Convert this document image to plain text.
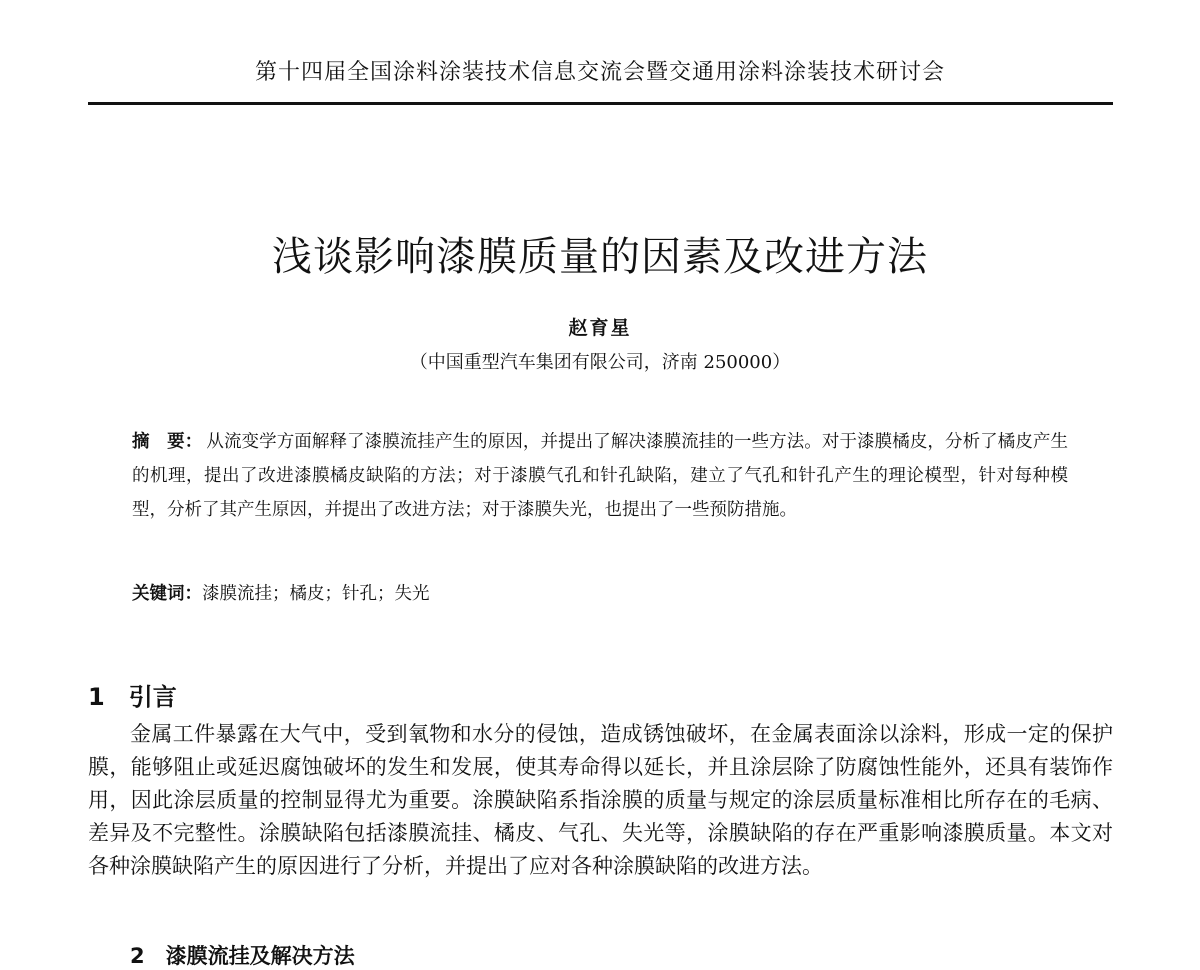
第十四届全国涂料涂装技术信息交流会暨交通用涂料涂装技术研讨会
浅谈影响漆膜质量的因素及改进方法
赵育星
（中国重型汽车集团有限公司，济南 250000）
摘　要： 从流变学方面解释了漆膜流挂产生的原因，并提出了解决漆膜流挂的一些方法。对于漆膜橘皮，分析了橘皮产生的机理，提出了改进漆膜橘皮缺陷的方法；对于漆膜气孔和针孔缺陷，建立了气孔和针孔产生的理论模型，针对每种模型，分析了其产生原因，并提出了改进方法；对于漆膜失光，也提出了一些预防措施。
关键词：漆膜流挂；橘皮；针孔；失光
1 引言
金属工件暴露在大气中，受到氧物和水分的侵蚀，造成锈蚀破坏，在金属表面涂以涂料，形成一定的保护膜，能够阻止或延迟腐蚀破坏的发生和发展，使其寿命得以延长，并且涂层除了防腐蚀性能外，还具有装饰作用，因此涂层质量的控制显得尤为重要。涂膜缺陷系指涂膜的质量与规定的涂层质量标准相比所存在的毛病、差异及不完整性。涂膜缺陷包括漆膜流挂、橘皮、气孔、失光等，涂膜缺陷的存在严重影响漆膜质量。本文对各种涂膜缺陷产生的原因进行了分析，并提出了应对各种涂膜缺陷的改进方法。
2　漆膜流挂及解决方法
